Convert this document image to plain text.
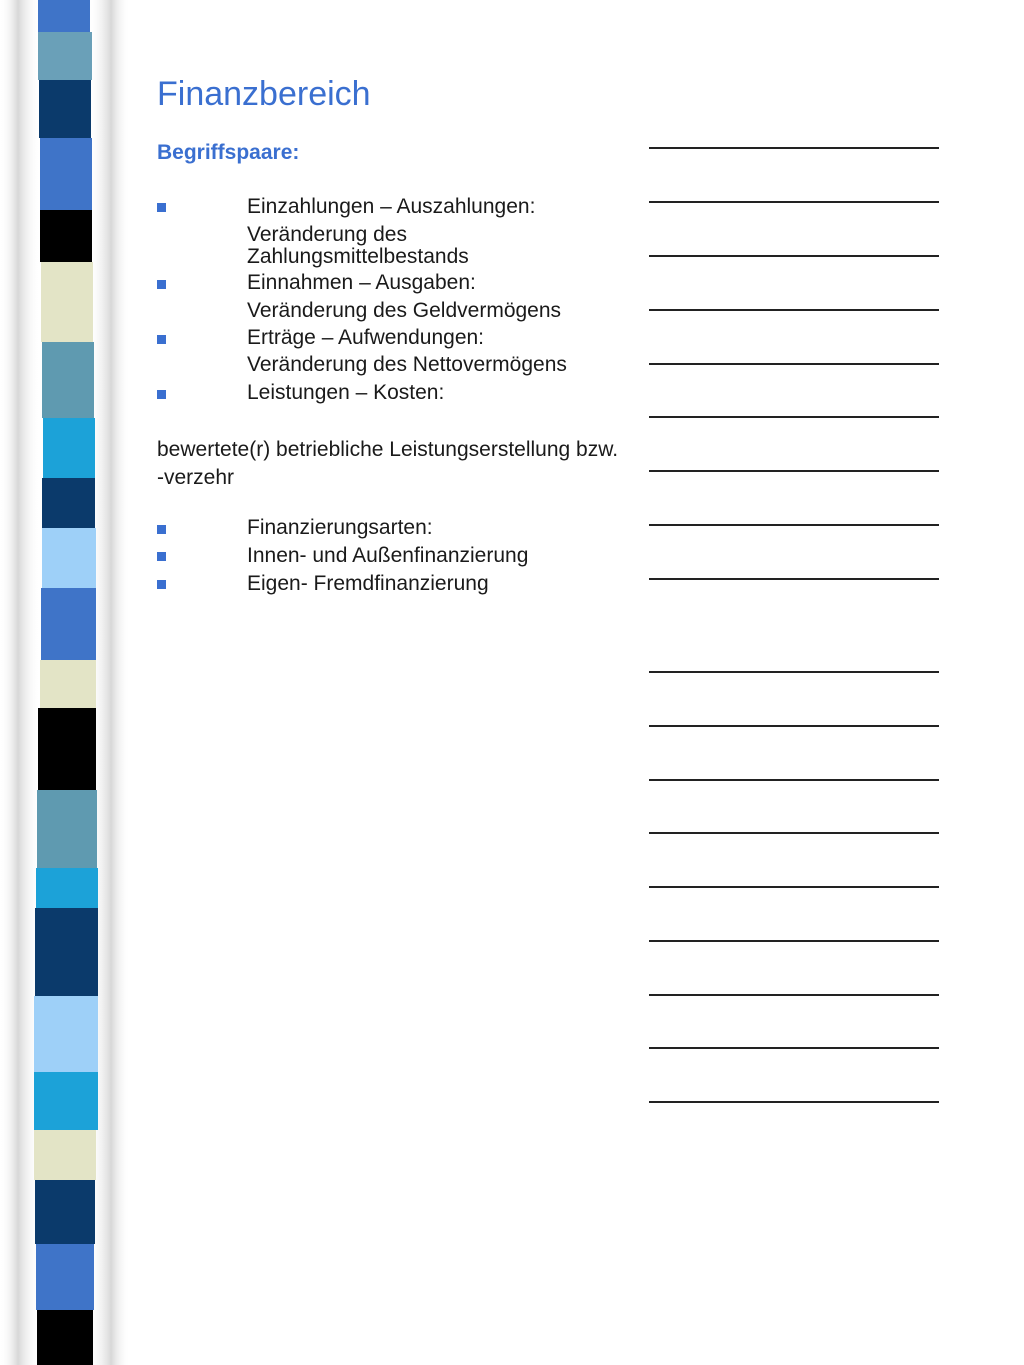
Finanzbereich
Begriffspaare:
Einzahlungen – Auszahlungen:
Veränderung des Zahlungsmittelbestands
Einnahmen – Ausgaben:
Veränderung des Geldvermögens
Erträge – Aufwendungen:
Veränderung des Nettovermögens
Leistungen – Kosten:
bewertete(r) betriebliche Leistungserstellung bzw. -verzehr
Finanzierungsarten:
Innen- und Außenfinanzierung
Eigen- Fremdfinanzierung
